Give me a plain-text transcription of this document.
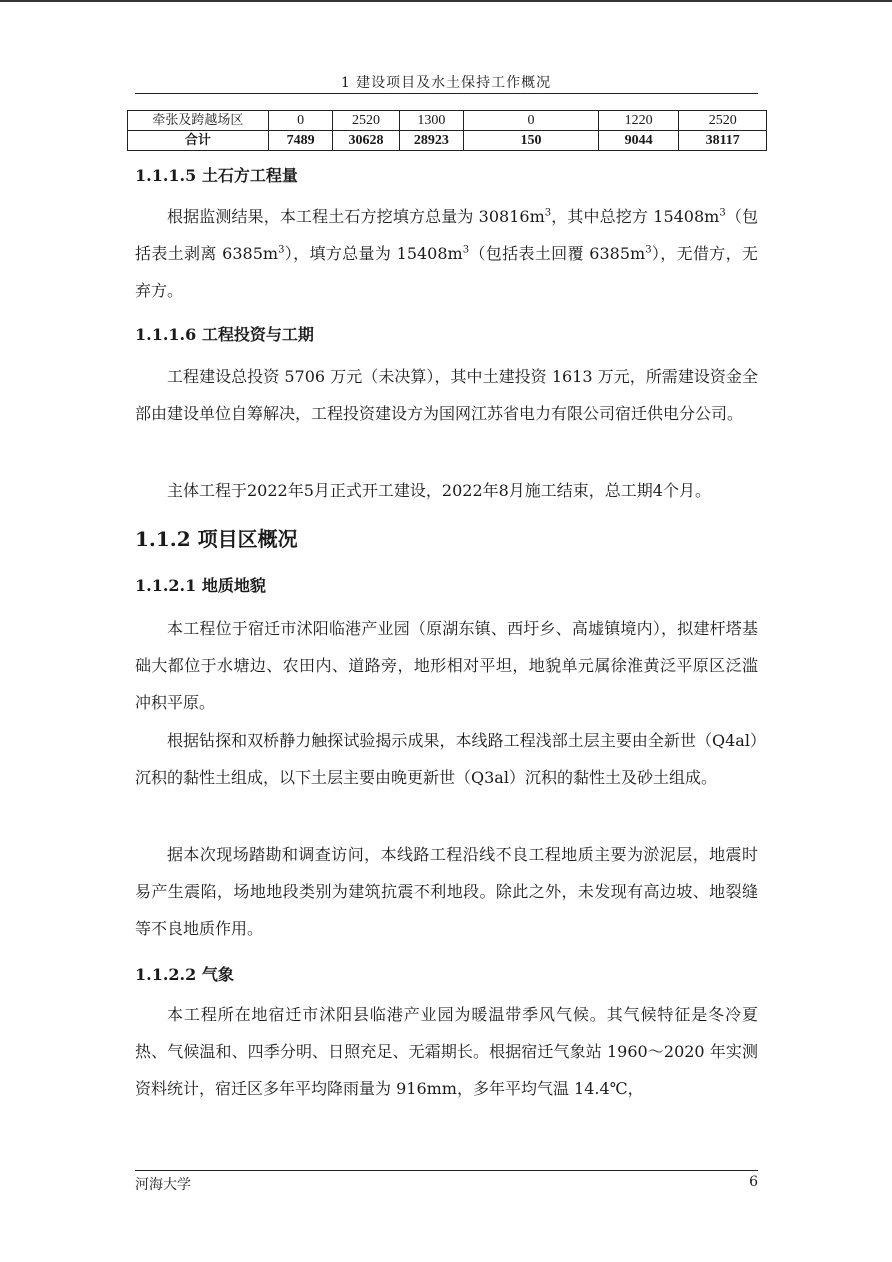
1 建设项目及水土保持工作概况
牵张及跨越场区	0	2520	1300	0	1220	2520
合计	7489	30628	28923	150	9044	38117
1.1.1.5 土石方工程量
根据监测结果，本工程土石方挖填方总量为 $30816m^3$，其中总挖方 $15408m^3$（包括表土剥离 $6385m^3$），填方总量为 $15408m^3$（包括表土回覆 $6385m^3$），无借方，无弃方。
1.1.1.6 工程投资与工期
工程建设总投资 5706 万元（未决算），其中土建投资 1613 万元，所需建设资金全部由建设单位自筹解决，工程投资建设方为国网江苏省电力有限公司宿迁供电分公司。
主体工程于2022年5月正式开工建设，2022年8月施工结束，总工期4个月。
1.1.2 项目区概况
1.1.2.1 地质地貌
本工程位于宿迁市沭阳临港产业园（原湖东镇、西圩乡、高墟镇境内），拟建杆塔基础大都位于水塘边、农田内、道路旁，地形相对平坦，地貌单元属徐淮黄泛平原区泛滥冲积平原。
根据钻探和双桥静力触探试验揭示成果，本线路工程浅部土层主要由全新世（Q4al）沉积的黏性土组成，以下土层主要由晚更新世（Q3al）沉积的黏性土及砂土组成。
据本次现场踏勘和调查访问，本线路工程沿线不良工程地质主要为淤泥层，地震时易产生震陷，场地地段类别为建筑抗震不利地段。除此之外，未发现有高边坡、地裂缝等不良地质作用。
1.1.2.2 气象
本工程所在地宿迁市沭阳县临港产业园为暖温带季风气候。其气候特征是冬冷夏热、气候温和、四季分明、日照充足、无霜期长。根据宿迁气象站 1960～2020 年实测资料统计，宿迁区多年平均降雨量为 916mm，多年平均气温 14.4℃，
河海大学	6
